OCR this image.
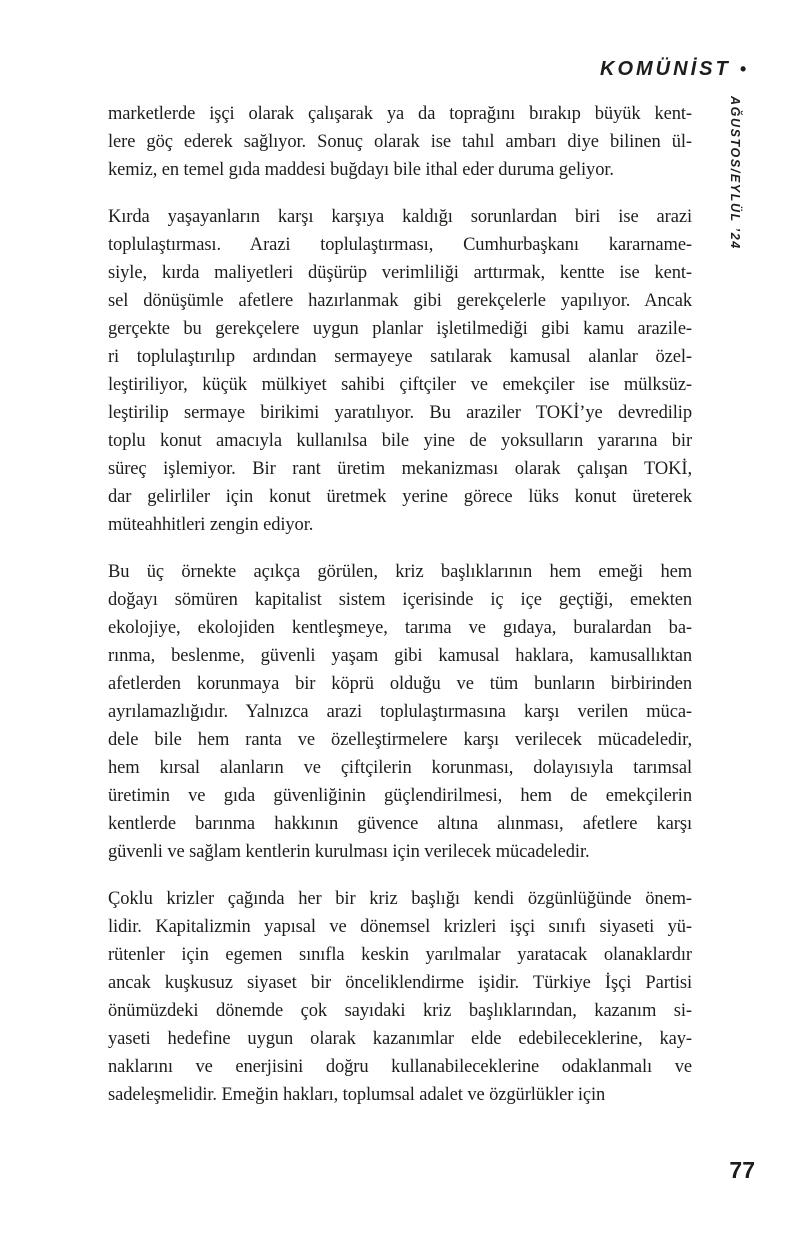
KOMÜNİST •
AĞUSTOS/EYLÜL ’24
marketlerde işçi olarak çalışarak ya da toprağını bırakıp büyük kent-
lere göç ederek sağlıyor. Sonuç olarak ise tahıl ambarı diye bilinen ül-
kemiz, en temel gıda maddesi buğdayı bile ithal eder duruma geliyor.
Kırda yaşayanların karşı karşıya kaldığı sorunlardan biri ise arazi
toplulaştırması. Arazi toplulaştırması, Cumhurbaşkanı kararname-
siyle, kırda maliyetleri düşürüp verimliliği arttırmak, kentte ise kent-
sel dönüşümle afetlere hazırlanmak gibi gerekçelerle yapılıyor. Ancak
gerçekte bu gerekçelere uygun planlar işletilmediği gibi kamu arazile-
ri toplulaştırılıp ardından sermayeye satılarak kamusal alanlar özel-
leştiriliyor, küçük mülkiyet sahibi çiftçiler ve emekçiler ise mülksüz-
leştirilip sermaye birikimi yaratılıyor. Bu araziler TOKİ’ye devredilip
toplu konut amacıyla kullanılsa bile yine de yoksulların yararına bir
süreç işlemiyor. Bir rant üretim mekanizması olarak çalışan TOKİ,
dar gelirliler için konut üretmek yerine görece lüks konut üreterek
müteahhitleri zengin ediyor.
Bu üç örnekte açıkça görülen, kriz başlıklarının hem emeği hem
doğayı sömüren kapitalist sistem içerisinde iç içe geçtiği, emekten
ekolojiye, ekolojiden kentleşmeye, tarıma ve gıdaya, buralardan ba-
rınma, beslenme, güvenli yaşam gibi kamusal haklara, kamusallıktan
afetlerden korunmaya bir köprü olduğu ve tüm bunların birbirinden
ayrılamazlığıdır. Yalnızca arazi toplulaştırmasına karşı verilen müca-
dele bile hem ranta ve özelleştirmelere karşı verilecek mücadeledir,
hem kırsal alanların ve çiftçilerin korunması, dolayısıyla tarımsal
üretimin ve gıda güvenliğinin güçlendirilmesi, hem de emekçilerin
kentlerde barınma hakkının güvence altına alınması, afetlere karşı
güvenli ve sağlam kentlerin kurulması için verilecek mücadeledir.
Çoklu krizler çağında her bir kriz başlığı kendi özgünlüğünde önem-
lidir. Kapitalizmin yapısal ve dönemsel krizleri işçi sınıfı siyaseti yü-
rütenler için egemen sınıfla keskin yarılmalar yaratacak olanaklardır
ancak kuşkusuz siyaset bir önceliklendirme işidir. Türkiye İşçi Partisi
önümüzdeki dönemde çok sayıdaki kriz başlıklarından, kazanım si-
yaseti hedefine uygun olarak kazanımlar elde edebileceklerine, kay-
naklarını ve enerjisini doğru kullanabileceklerine odaklanmalı ve
sadeleşmelidir. Emeğin hakları, toplumsal adalet ve özgürlükler için
77
